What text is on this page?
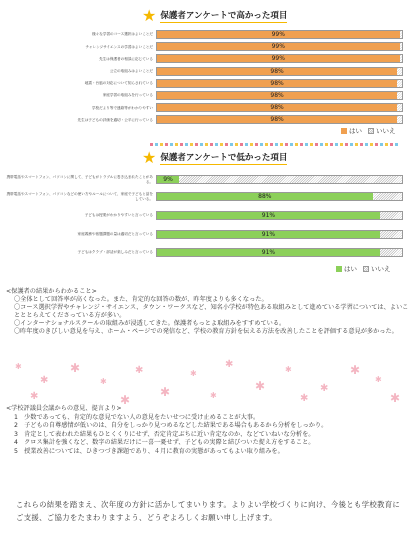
★ 保護者アンケートで高かった項目
様々な学習のコース選択はよいことだ	99%
チャレンジサイエンスの学習はよいことだ	99%
先生は保護者の相談に応じている	99%
公立の取組みはよいことだ	98%
地震・台風の対応について知らされている	98%
家庭学習の取組みを行っている	98%
学校だより等で連絡等がわかりやすい	98%
先生は子どもの評価を適切・公平に行っている	98%
はい いいえ
★ 保護者アンケートで低かった項目
携帯電話やスマートフォン、パソコンに関して、子どもがトラブルに巻き込まれたことがある。	9%
携帯電話やスマートフォン、パソコンなどの使い方やルールについて、家庭で子どもと話をしている。	88%
子どもは授業がわかりやすいと言っている	91%
家庭義務や宿題課題の量は適切だと言っている	91%
子どもはクラブ・部活が楽しみだと言っている	91%
はい いいえ

<保護者の結果からわかること>

〇全体として回答率が高くなった。また、肯定的な回答の数が、昨年度よりも多くなった。

〇コース選択学習やチャレンジ・サイエンス、タウン・ワークスなど、知名小学校が特色ある取組みとして進めている学習については、よいことととらえてくださっている方が多い。

〇インターナショナルスクールの取組みが浸透してきた。保護者もっとよ取組みをすすめている。

〇昨年度のきびしい意見を与え、ホーム・ページでの発信など、学校の教育方針を伝える方法を改善したことを評価する意見が多かった。

✱
✱
✱
✱
✱
✱
✱
✱
✱
✱
✱
✱
✱
✱	✱	✱	✱	✱

<学校評議員会議からの意見、提言より>

1　少数であっても、肯定的な意見でない人の意見をたいせつに受け止めることが大事。

2　子どもの自尊感情が低いのは、自分をしっかり見つめるなどした結果である場合もあるから分析をしっかり。

3　肯定として表われた結果もひとくくりにせず、否定肯定ぶちに近い肯定なのか、などていねいな分析を。

4　クロス集計を強くなど、数字の結果だけに一喜一憂せず、子どもの実際と結びついた捉え方をすること。

5　授業改善については、ひきつづき課題であり、４月に教育の実態があってもよい取り組みを。

これらの結果を踏まえ、次年度の方針に活かしてまいります。よりよい学校づくりに向け、今後とも学校教育にご支援、ご協力をたまわりますよう、どうぞよろしくお願い申し上げます。
